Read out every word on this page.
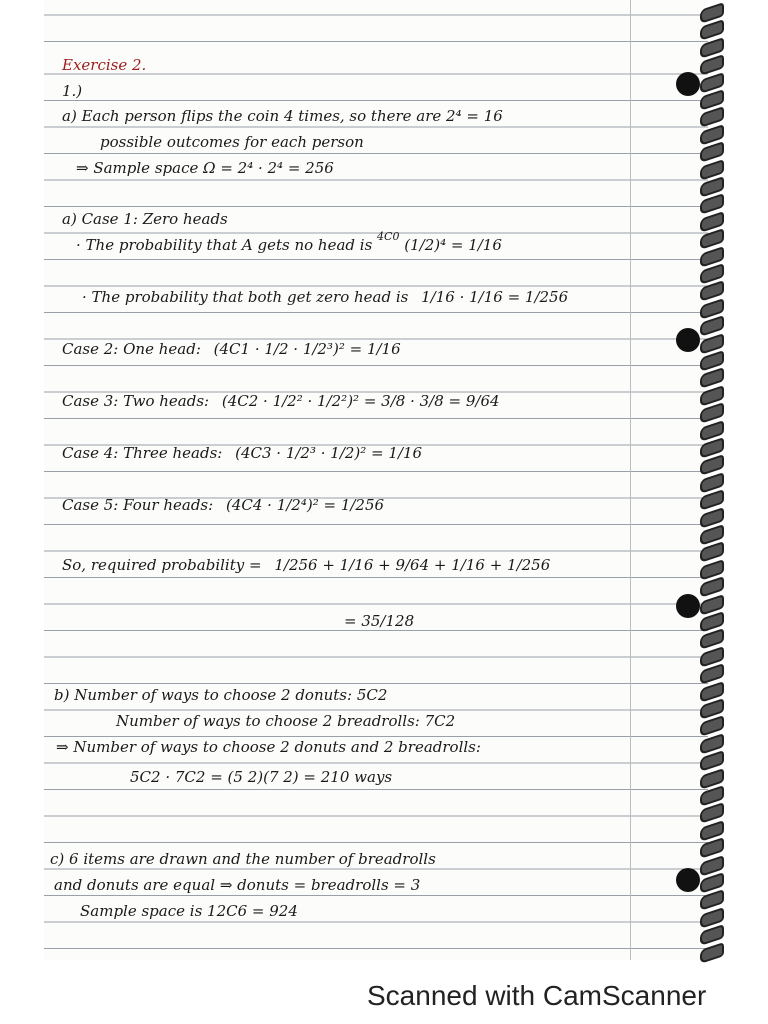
Exercise 2.
1.)
a) Each person flips the coin 4 times, so there are 2⁴ = 16
possible outcomes for each person
⇒ Sample space Ω = 2⁴ · 2⁴ = 256
a) Case 1: Zero heads
· The probability that A gets no head is $^{4C0}$ (1/2)⁴ = 1/16
· The probability that both get zero head is 1/16 · 1/16 = 1/256
Case 2: One head: (4C1 · 1/2 · 1/2³)² = 1/16
Case 3: Two heads: (4C2 · 1/2² · 1/2²)² = 3/8 · 3/8 = 9/64
Case 4: Three heads: (4C3 · 1/2³ · 1/2)² = 1/16
Case 5: Four heads: (4C4 · 1/2⁴)² = 1/256
So, required probability = 1/256 + 1/16 + 9/64 + 1/16 + 1/256
= 35/128
b) Number of ways to choose 2 donuts: 5C2
Number of ways to choose 2 breadrolls: 7C2
⇒ Number of ways to choose 2 donuts and 2 breadrolls:
5C2 · 7C2 = (5 2)(7 2) = 210 ways
c) 6 items are drawn and the number of breadrolls
and donuts are equal ⇒ donuts = breadrolls = 3
Sample space is 12C6 = 924
Scanned with CamScanner
